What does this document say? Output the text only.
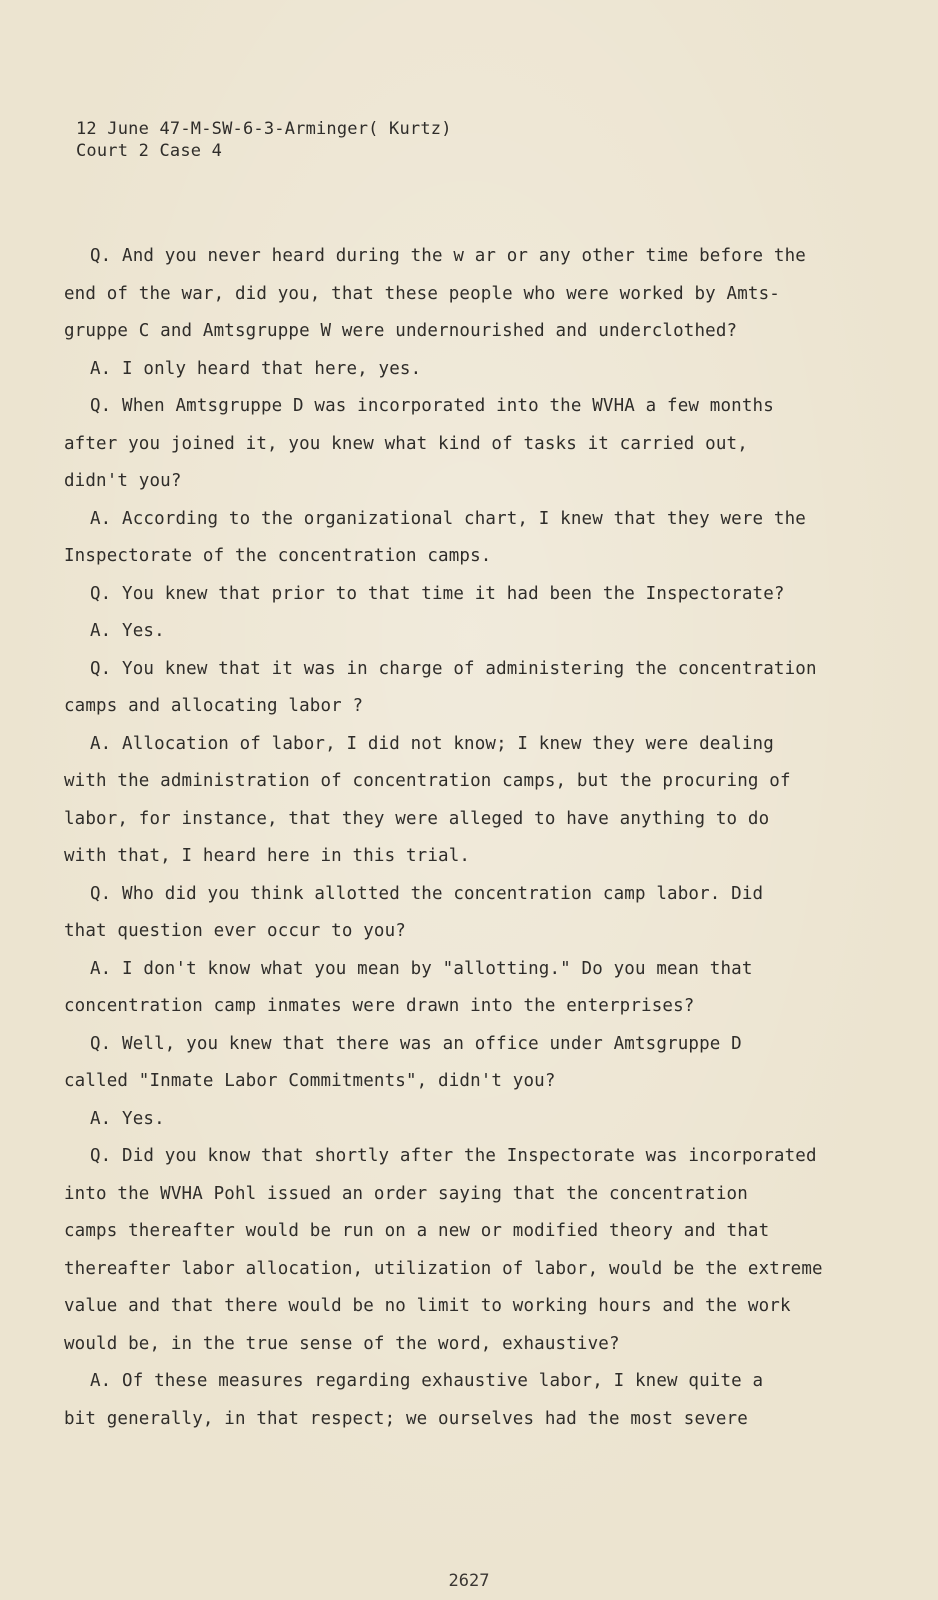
12 June 47-M-SW-6-3-Arminger( Kurtz)
Court 2 Case 4
Q. And you never heard during the w ar or any other time before the
end of the war, did you, that these people who were worked by Amts-
gruppe C and Amtsgruppe W were undernourished and underclothed?
A. I only heard that here, yes.
Q. When Amtsgruppe D was incorporated into the WVHA a few months
after you joined it, you knew what kind of tasks it carried out,
didn't you?
A. According to the organizational chart, I knew that they were the
Inspectorate of the concentration camps.
Q. You knew that prior to that time it had been the Inspectorate?
A. Yes.
Q. You knew that it was in charge of administering the concentration
camps and allocating labor ?
A. Allocation of labor, I did not know; I knew they were dealing
with the administration of concentration camps, but the procuring of
labor, for instance, that they were alleged to have anything to do
with that, I heard here in this trial.
Q. Who did you think allotted the concentration camp labor. Did
that question ever occur to you?
A. I don't know what you mean by "allotting." Do you mean that
concentration camp inmates were drawn into the enterprises?
Q. Well, you knew that there was an office under Amtsgruppe D
called "Inmate Labor Commitments", didn't you?
A. Yes.
Q. Did you know that shortly after the Inspectorate was incorporated
into the WVHA Pohl issued an order saying that the concentration
camps thereafter would be run on a new or modified theory and that
thereafter labor allocation, utilization of labor, would be the extreme
value and that there would be no limit to working hours and the work
would be, in the true sense of the word, exhaustive?
A. Of these measures regarding exhaustive labor, I knew quite a
bit generally, in that respect; we ourselves had the most severe
2627
